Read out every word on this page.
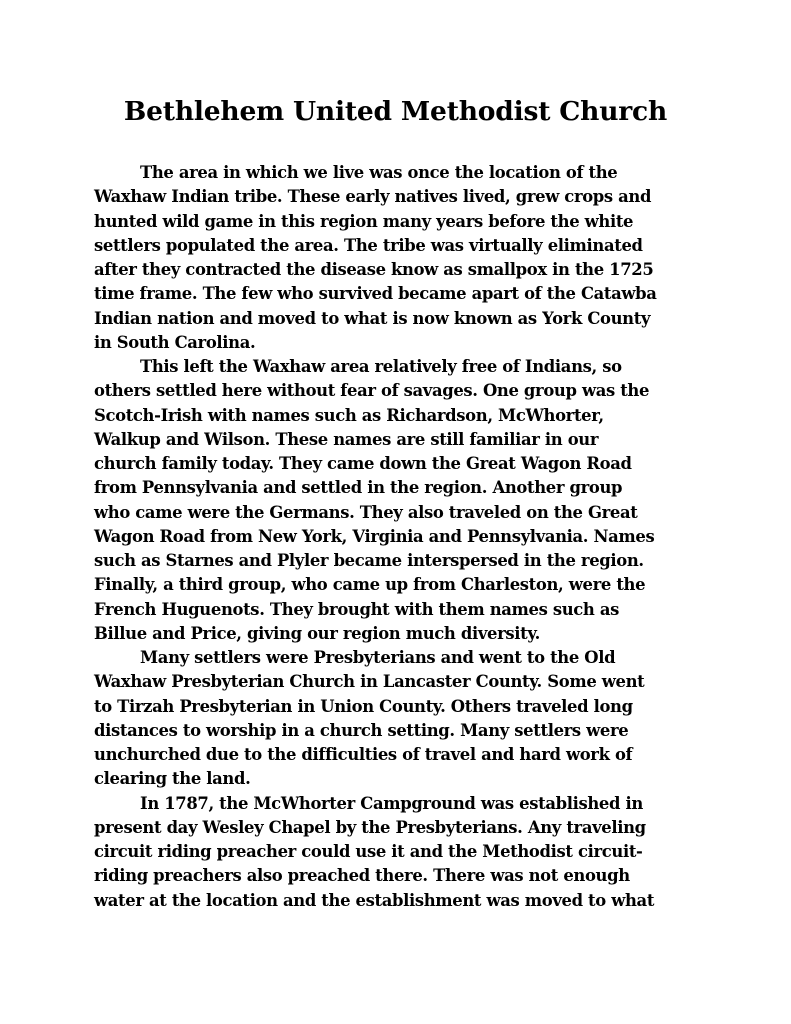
Bethlehem United Methodist Church
The area in which we live was once the location of the
Waxhaw Indian tribe. These early natives lived, grew crops and
hunted wild game in this region many years before the white
settlers populated the area. The tribe was virtually eliminated
after they contracted the disease know as smallpox in the 1725
time frame. The few who survived became apart of the Catawba
Indian nation and moved to what is now known as York County
in South Carolina.
This left the Waxhaw area relatively free of Indians, so
others settled here without fear of savages. One group was the
Scotch-Irish with names such as Richardson, McWhorter,
Walkup and Wilson. These names are still familiar in our
church family today. They came down the Great Wagon Road
from Pennsylvania and settled in the region. Another group
who came were the Germans. They also traveled on the Great
Wagon Road from New York, Virginia and Pennsylvania. Names
such as Starnes and Plyler became interspersed in the region.
Finally, a third group, who came up from Charleston, were the
French Huguenots. They brought with them names such as
Billue and Price, giving our region much diversity.
Many settlers were Presbyterians and went to the Old
Waxhaw Presbyterian Church in Lancaster County. Some went
to Tirzah Presbyterian in Union County. Others traveled long
distances to worship in a church setting. Many settlers were
unchurched due to the difficulties of travel and hard work of
clearing the land.
In 1787, the McWhorter Campground was established in
present day Wesley Chapel by the Presbyterians. Any traveling
circuit riding preacher could use it and the Methodist circuit-
riding preachers also preached there. There was not enough
water at the location and the establishment was moved to what
